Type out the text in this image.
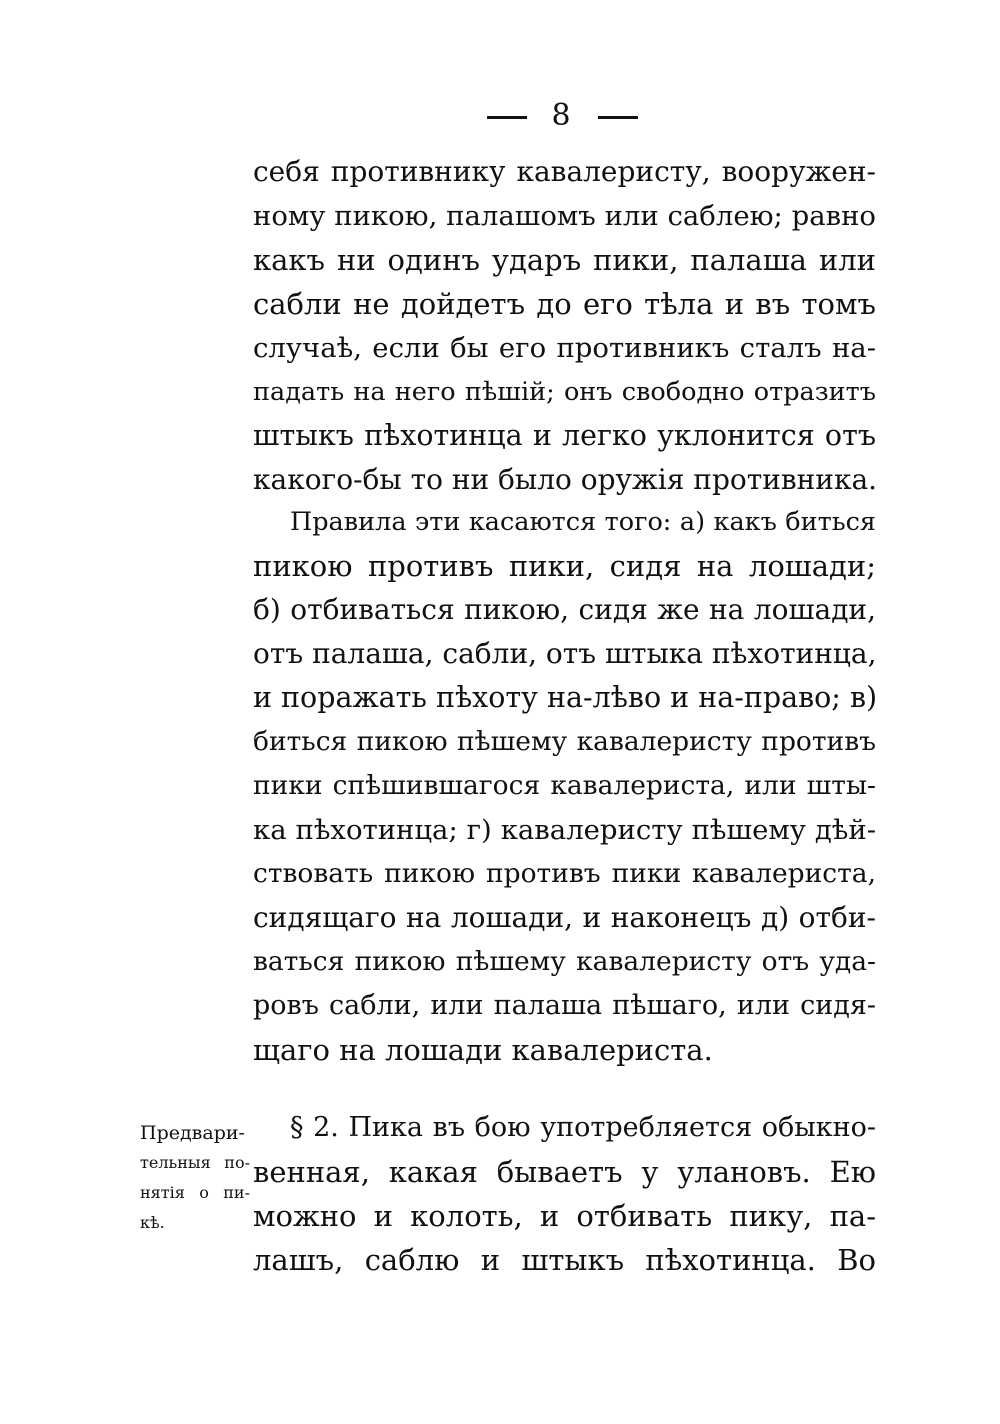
8
себя противнику кавалеристу, вооружен-
ному пикою, палашомъ или саблею; равно
какъ ни одинъ ударъ пики, палаша или
сабли не дойдетъ до его тѣла и въ томъ
случаѣ, если бы его противникъ сталъ на-
падать на него пѣшій; онъ свободно отразитъ
штыкъ пѣхотинца и легко уклонится отъ
какого-бы то ни было оружія противника.
Правила эти касаются того: а) какъ биться
пикою противъ пики, сидя на лошади;
б) отбиваться пикою, сидя же на лошади,
отъ палаша, сабли, отъ штыка пѣхотинца,
и поражать пѣхоту на-лѣво и на-право; в)
биться пикою пѣшему кавалеристу противъ
пики спѣшившагося кавалериста, или шты-
ка пѣхотинца; г) кавалеристу пѣшему дѣй-
ствовать пикою противъ пики кавалериста,
сидящаго на лошади, и наконецъ д) отби-
ваться пикою пѣшему кавалеристу отъ уда-
ровъ сабли, или палаша пѣшаго, или сидя-
щаго на лошади кавалериста.
Предвари-
тельныя по-
нятія о пи-
кѣ.
§ 2. Пика въ бою употребляется обыкно-
венная, какая бываетъ у улановъ. Ею
можно и колоть, и отбивать пику, па-
лашъ, саблю и штыкъ пѣхотинца. Во
